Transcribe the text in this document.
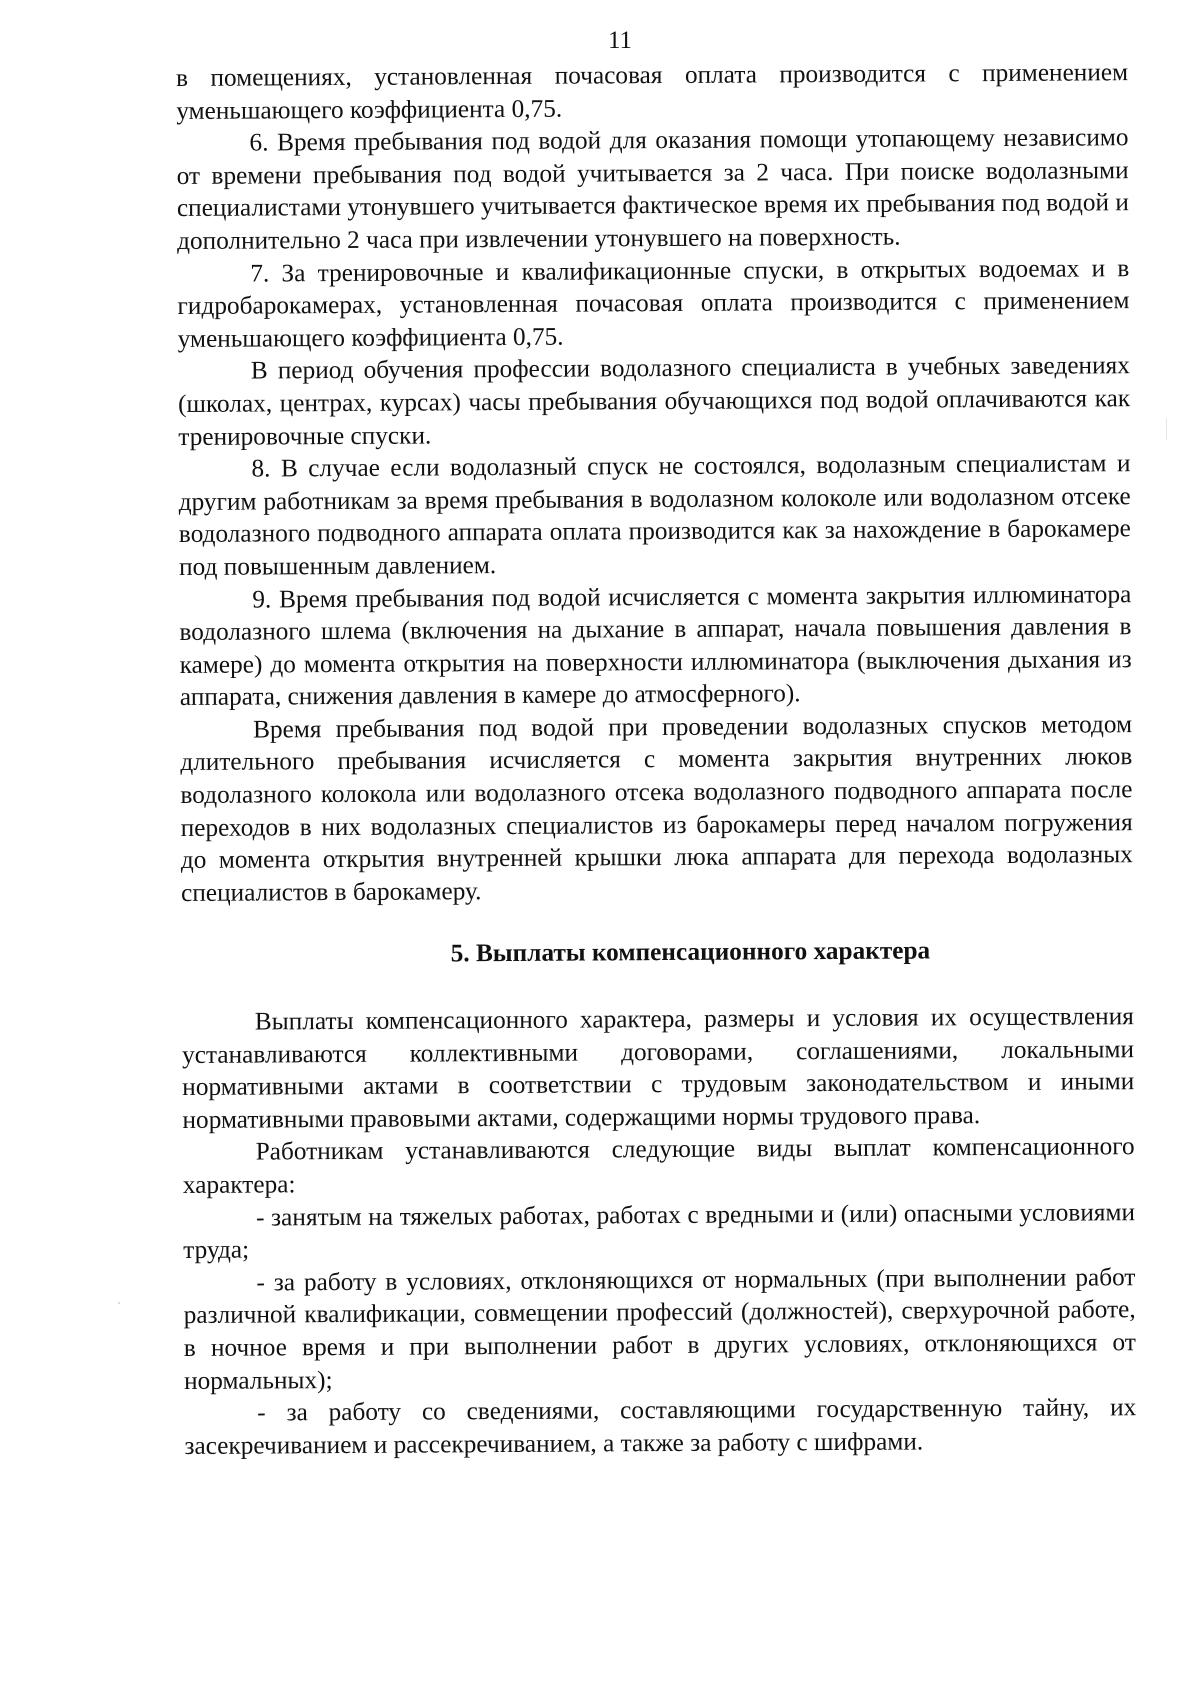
11

в помещениях, установленная почасовая оплата производится с применением уменьшающего коэффициента 0,75.

6. Время пребывания под водой для оказания помощи утопающему независимо от времени пребывания под водой учитывается за 2 часа. При поиске водолазными специалистами утонувшего учитывается фактическое время их пребывания под водой и дополнительно 2 часа при извлечении утонувшего на поверхность.

7. За тренировочные и квалификационные спуски, в открытых водоемах и в гидробарокамерах, установленная почасовая оплата производится с применением уменьшающего коэффициента 0,75.

В период обучения профессии водолазного специалиста в учебных заведениях (школах, центрах, курсах) часы пребывания обучающихся под водой оплачиваются как тренировочные спуски.

8. В случае если водолазный спуск не состоялся, водолазным специалистам и другим работникам за время пребывания в водолазном колоколе или водолазном отсеке водолазного подводного аппарата оплата производится как за нахождение в барокамере под повышенным давлением.

9. Время пребывания под водой исчисляется с момента закрытия иллюминатора водолазного шлема (включения на дыхание в аппарат, начала повышения давления в камере) до момента открытия на поверхности иллюминатора (выключения дыхания из аппарата, снижения давления в камере до атмосферного).

Время пребывания под водой при проведении водолазных спусков методом длительного пребывания исчисляется с момента закрытия внутренних люков водолазного колокола или водолазного отсека водолазного подводного аппарата после переходов в них водолазных специалистов из барокамеры перед началом погружения до момента открытия внутренней крышки люка аппарата для перехода водолазных специалистов в барокамеру.

5. Выплаты компенсационного характера

Выплаты компенсационного характера, размеры и условия их осуществления устанавливаются коллективными договорами, соглашениями, локальными нормативными актами в соответствии с трудовым законодательством и иными нормативными правовыми актами, содержащими нормы трудового права.

Работникам устанавливаются следующие виды выплат компенсационного характера:

- занятым на тяжелых работах, работах с вредными и (или) опасными условиями труда;

- за работу в условиях, отклоняющихся от нормальных (при выполнении работ различной квалификации, совмещении профессий (должностей), сверхурочной работе, в ночное время и при выполнении работ в других условиях, отклоняющихся от нормальных);

- за работу со сведениями, составляющими государственную тайну, их засекречиванием и рассекречиванием, а также за работу с шифрами.
